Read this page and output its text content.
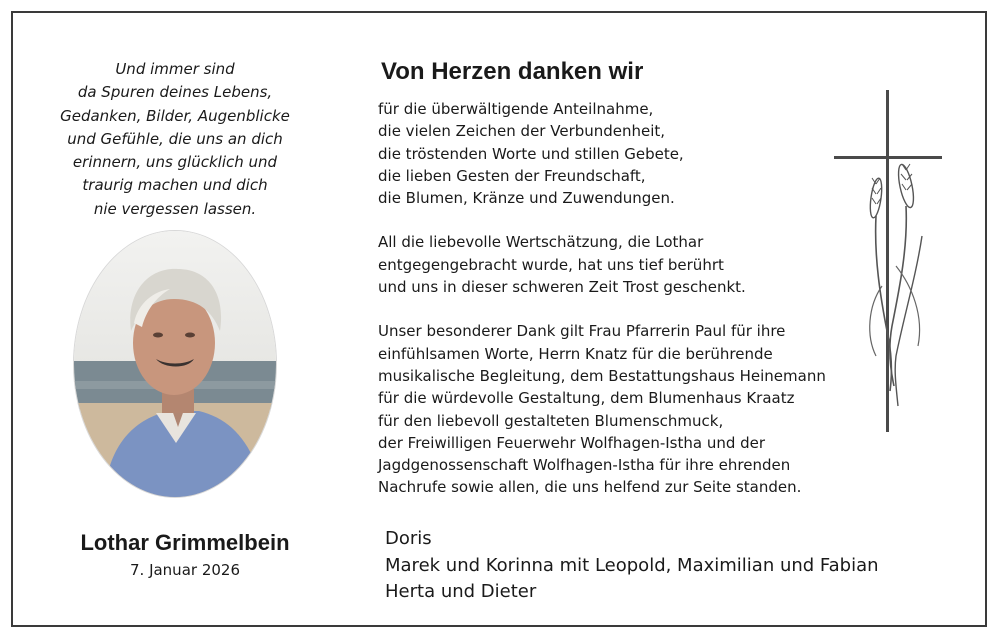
Und immer sind
da Spuren deines Lebens,
Gedanken, Bilder, Augenblicke
und Gefühle, die uns an dich
erinnern, uns glücklich und
traurig machen und dich
nie vergessen lassen.
Lothar Grimmelbein
7. Januar 2026
Von Herzen danken wir
für die überwältigende Anteilnahme,
die vielen Zeichen der Verbundenheit,
die tröstenden Worte und stillen Gebete,
die lieben Gesten der Freundschaft,
die Blumen, Kränze und Zuwendungen.
All die liebevolle Wertschätzung, die Lothar
entgegengebracht wurde, hat uns tief berührt
und uns in dieser schweren Zeit Trost geschenkt.
Unser besonderer Dank gilt Frau Pfarrerin Paul für ihre
einfühlsamen Worte, Herrn Knatz für die berührende
musikalische Begleitung, dem Bestattungshaus Heinemann
für die würdevolle Gestaltung, dem Blumenhaus Kraatz
für den liebevoll gestalteten Blumenschmuck,
der Freiwilligen Feuerwehr Wolfhagen-Istha und der
Jagdgenossenschaft Wolfhagen-Istha für ihre ehrenden
Nachrufe sowie allen, die uns helfend zur Seite standen.
Doris
Marek und Korinna mit Leopold, Maximilian und Fabian
Herta und Dieter
